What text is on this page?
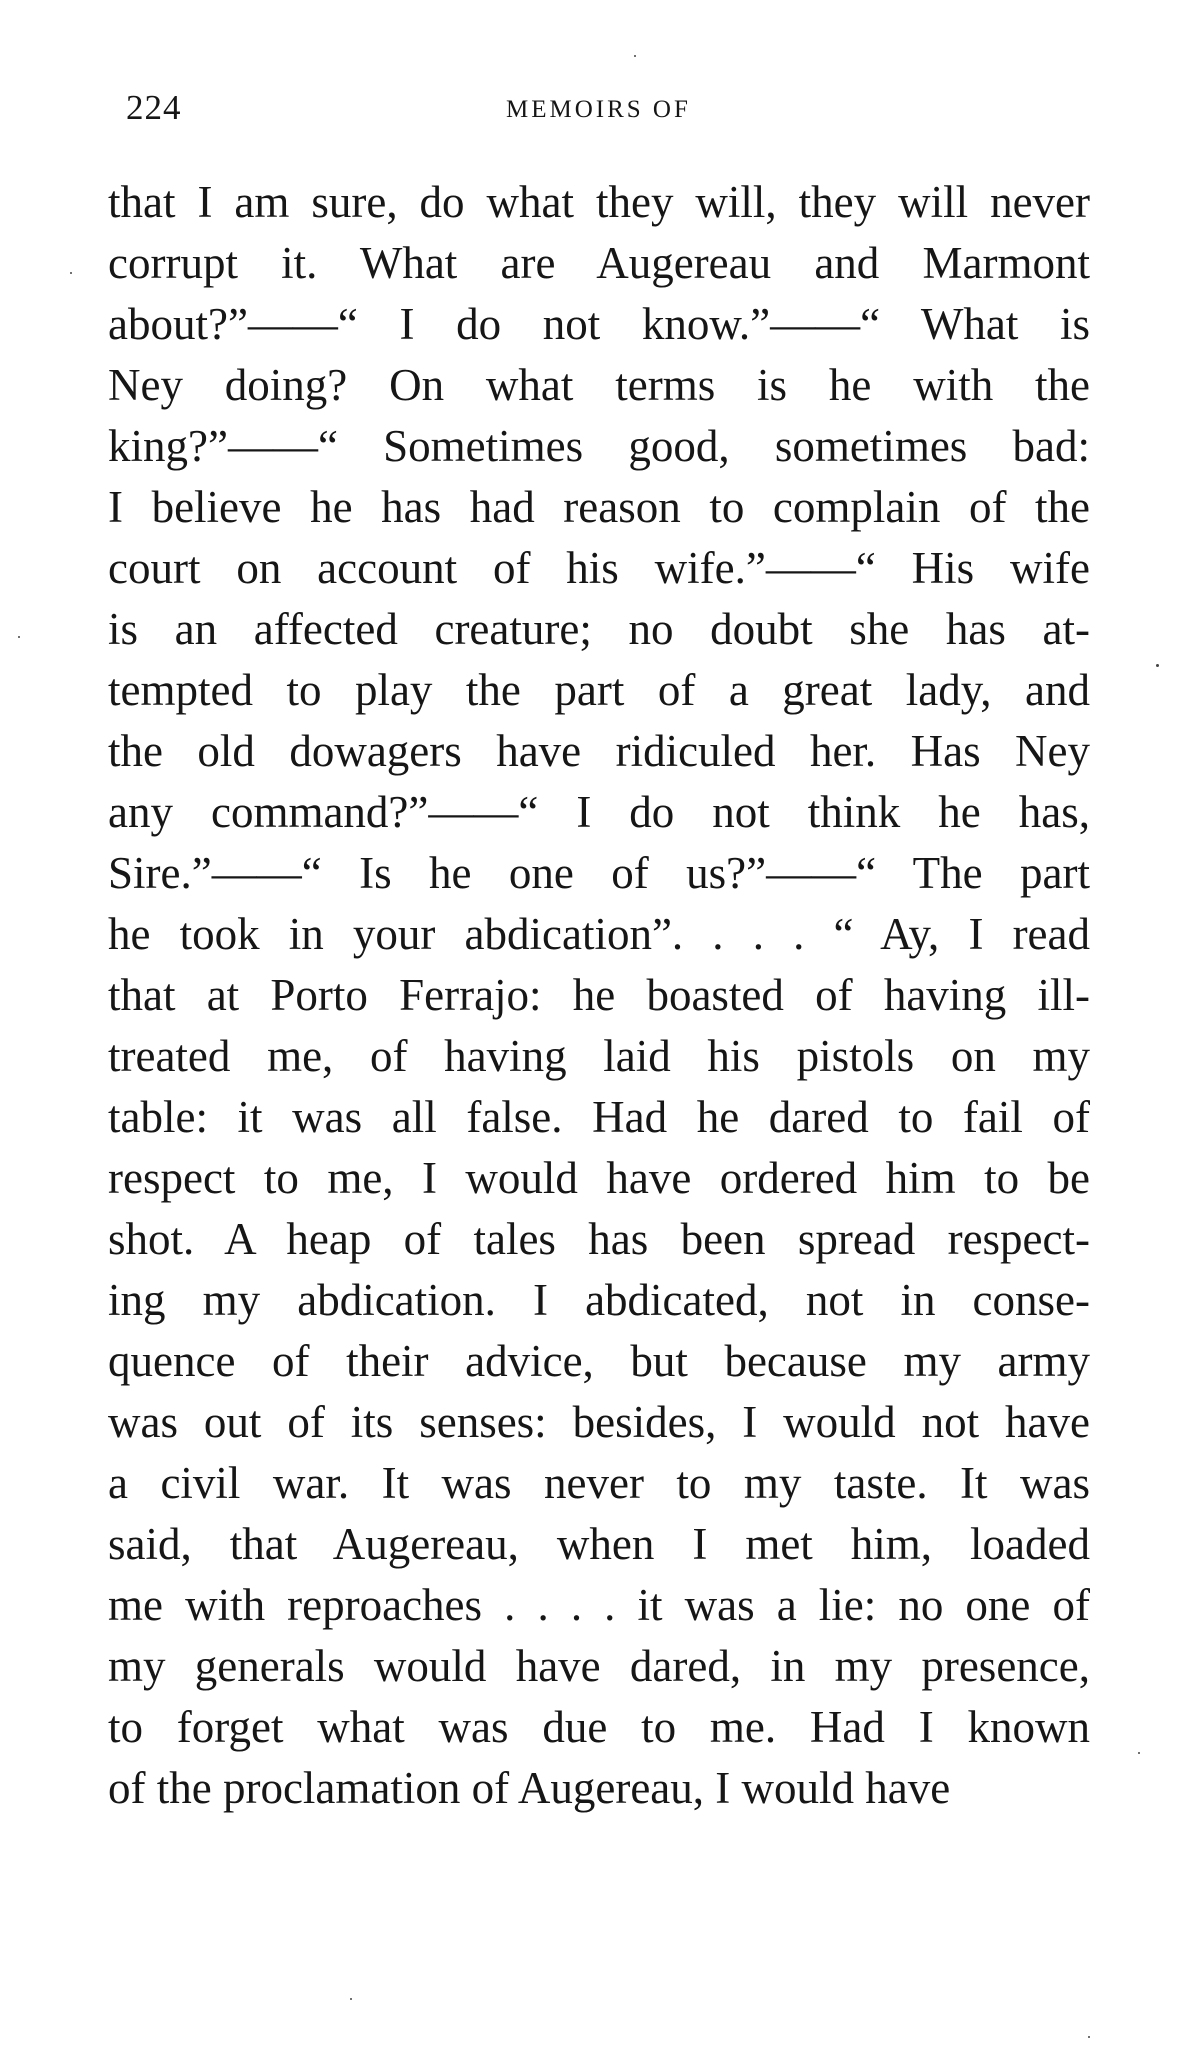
224	MEMOIRS OF
that I am sure, do what they will, they will never
corrupt it. What are Augereau and Marmont
about?”——“ I do not know.”——“ What is
Ney doing? On what terms is he with the
king?”——“ Sometimes good, sometimes bad:
I believe he has had reason to complain of the
court on account of his wife.”——“ His wife
is an affected creature; no doubt she has at-
tempted to play the part of a great lady, and
the old dowagers have ridiculed her. Has Ney
any command?”——“ I do not think he has,
Sire.”——“ Is he one of us?”——“ The part
he took in your abdication”. . . . “ Ay, I read
that at Porto Ferrajo: he boasted of having ill-
treated me, of having laid his pistols on my
table: it was all false. Had he dared to fail of
respect to me, I would have ordered him to be
shot. A heap of tales has been spread respect-
ing my abdication. I abdicated, not in conse-
quence of their advice, but because my army
was out of its senses: besides, I would not have
a civil war. It was never to my taste. It was
said, that Augereau, when I met him, loaded
me with reproaches . . . . it was a lie: no one of
my generals would have dared, in my presence,
to forget what was due to me. Had I known
of the proclamation of Augereau, I would have
